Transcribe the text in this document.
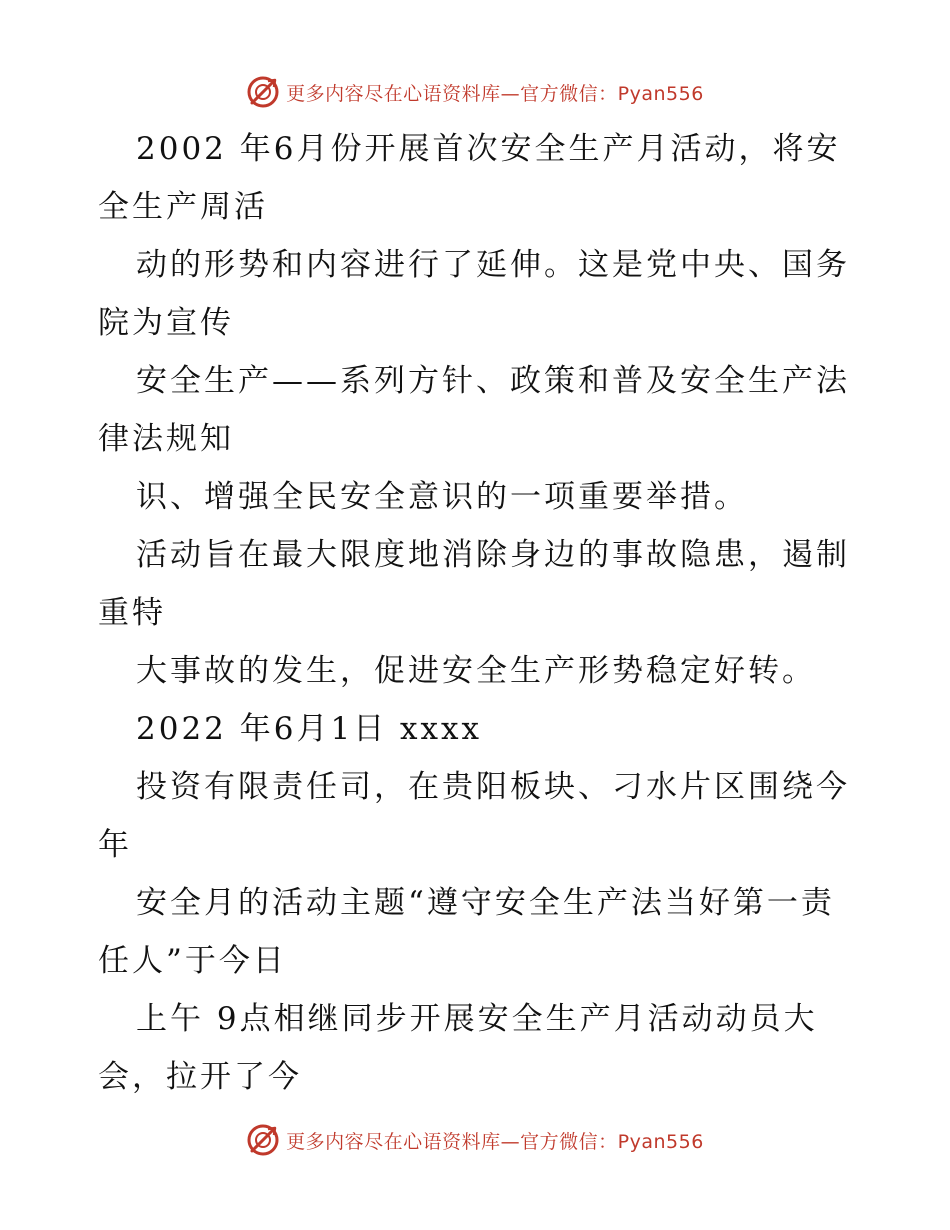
更多内容尽在心语资料库—官方微信：Pyan556
2002 年6月份开展首次安全生产月活动，将安
全生产周活
动的形势和内容进行了延伸。这是党中央、国务
院为宣传
安全生产——系列方针、政策和普及安全生产法
律法规知
识、增强全民安全意识的一项重要举措。
活动旨在最大限度地消除身边的事故隐患，遏制
重特
大事故的发生，促进安全生产形势稳定好转。
2022 年6月1日 xxxx
投资有限责任司，在贵阳板块、刁水片区围绕今
年
安全月的活动主题“遵守安全生产法当好第一责
任人”于今日
上午 9点相继同步开展安全生产月活动动员大
会，拉开了今
更多内容尽在心语资料库—官方微信：Pyan556
